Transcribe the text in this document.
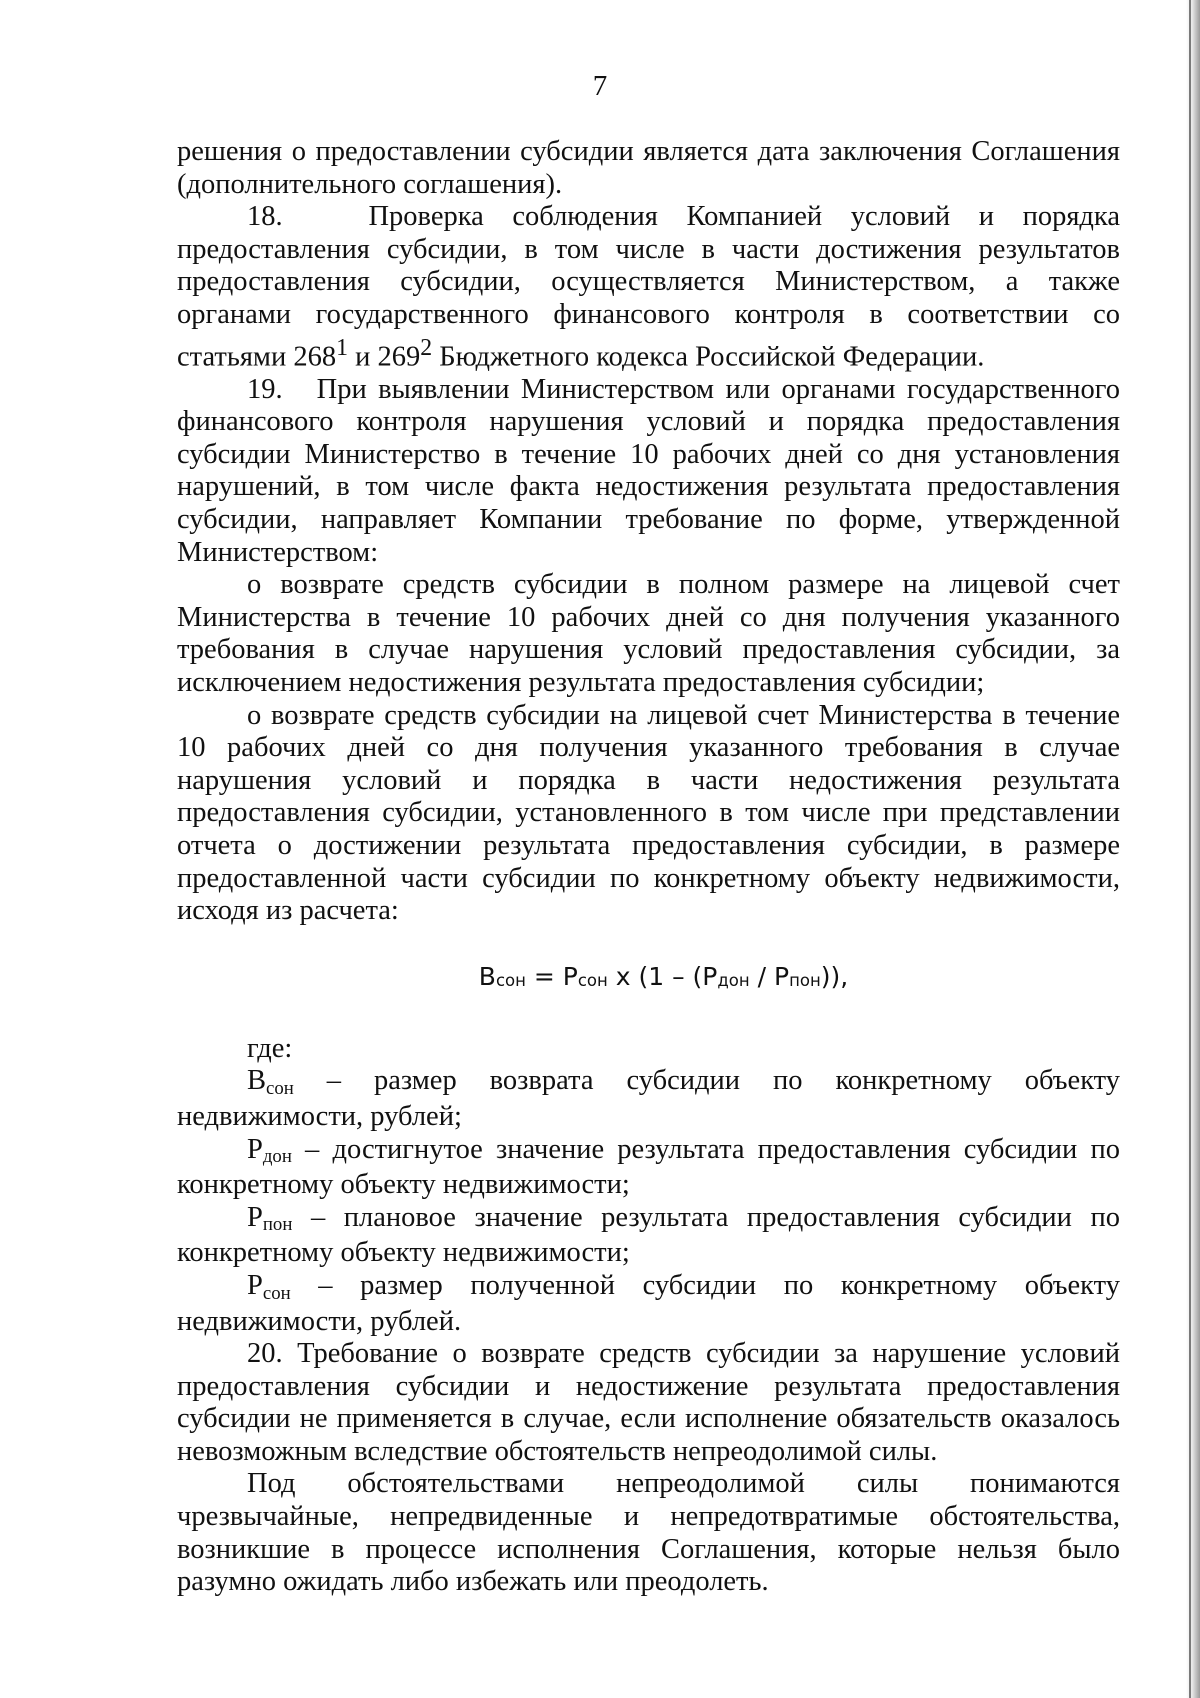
7

решения о предоставлении субсидии является дата заключения Соглашения (дополнительного соглашения).

18.   Проверка соблюдения Компанией условий и порядка предоставления субсидии, в том числе в части достижения результатов предоставления субсидии, осуществляется Министерством, а также органами государственного финансового контроля в соответствии со статьями $268^1$ и $269^2$ Бюджетного кодекса Российской Федерации.

19.   При выявлении Министерством или органами государственного финансового контроля нарушения условий и порядка предоставления субсидии Министерство в течение 10 рабочих дней со дня установления нарушений, в том числе факта недостижения результата предоставления субсидии, направляет Компании требование по форме, утвержденной Министерством:

о возврате средств субсидии в полном размере на лицевой счет Министерства в течение 10 рабочих дней со дня получения указанного требования в случае нарушения условий предоставления субсидии, за исключением недостижения результата предоставления субсидии;

о возврате средств субсидии на лицевой счет Министерства в течение 10 рабочих дней со дня получения указанного требования в случае нарушения условий и порядка в части недостижения результата предоставления субсидии, установленного в том числе при представлении отчета о достижении результата предоставления субсидии, в размере предоставленной части субсидии по конкретному объекту недвижимости, исходя из расчета:

$В_{сон} = Р_{сон}$ x $(1 - (Р_{дон} / Р_{пон}))$,

где:

$В_{сон}$ – размер возврата субсидии по конкретному объекту недвижимости, рублей;

$Р_{дон}$ – достигнутое значение результата предоставления субсидии по конкретному объекту недвижимости;

$Р_{пон}$ – плановое значение результата предоставления субсидии по конкретному объекту недвижимости;

$Р_{сон}$ – размер полученной субсидии по конкретному объекту недвижимости, рублей.

20. Требование о возврате средств субсидии за нарушение условий предоставления субсидии и недостижение результата предоставления субсидии не применяется в случае, если исполнение обязательств оказалось невозможным вследствие обстоятельств непреодолимой силы.

Под обстоятельствами непреодолимой силы понимаются чрезвычайные, непредвиденные и непредотвратимые обстоятельства, возникшие в процессе исполнения Соглашения, которые нельзя было разумно ожидать либо избежать или преодолеть.
